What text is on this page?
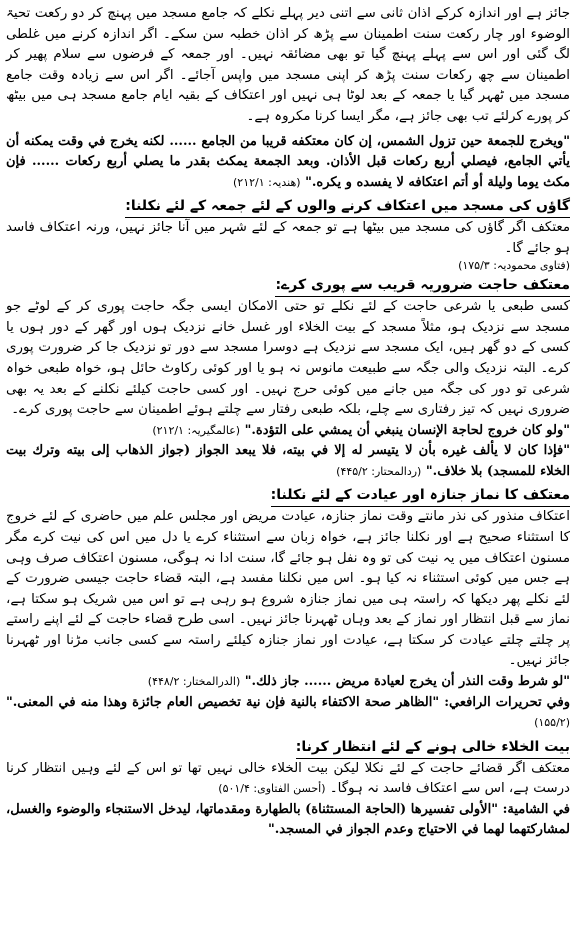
جائز ہے اور اندازہ کرکے اذان ثانی سے اتنی دیر پہلے نکلے کہ جامع مسجد میں پہنچ کر دو رکعت تحیۃ الوضوء اور چار رکعت سنت اطمینان سے پڑھ کر اذان خطبہ سن سکے۔ اگر اندازہ کرنے میں غلطی لگ گئی اور اس سے پہلے پہنچ گیا تو بھی مضائقہ نہیں۔ اور جمعہ کے فرضوں سے سلام پھیر کر اطمینان سے چھ رکعات سنت پڑھ کر اپنی مسجد میں واپس آجائے۔ اگر اس سے زیادہ وقت جامع مسجد میں ٹھہر گیا یا جمعہ کے بعد لوٹا ہی نہیں اور اعتکاف کے بقیہ ایام جامع مسجد ہی میں بیٹھ کر پورے کرلئے تب بھی جائز ہے، مگر ایسا کرنا مکروہ ہے۔

"ويخرج للجمعة حين تزول الشمس، إن كان معتكفه قريبا من الجامع ...... لكنه يخرج في وقت يمكنه أن يأتي الجامع، فيصلي أربع ركعات قبل الأذان. وبعد الجمعة يمكث بقدر ما يصلي أربع ركعات ...... فإن مكث يوما وليلة أو أتم اعتكافه لا يفسده و يكره." (هندیہ: ۲۱۲/۱)

گاؤں کی مسجد میں اعتکاف کرنے والوں کے لئے جمعہ کے لئے نکلنا:

معتکف اگر گاؤں کی مسجد میں بیٹھا ہے تو جمعہ کے لئے شہر میں آنا جائز نہیں، ورنہ اعتکاف فاسد ہو جائے گا۔

(فتاوی محمودیہ: ۱۷۵/۳)
معتکف حاجت ضروریہ قریب سے پوری کرے:

کسی طبعی یا شرعی حاجت کے لئے نکلے تو حتی الامکان ایسی جگہ حاجت پوری کر کے لوٹے جو مسجد سے نزدیک ہو، مثلاً مسجد کے بیت الخلاء اور غسل خانے نزدیک ہوں اور گھر کے دور ہوں یا کسی کے دو گھر ہیں، ایک مسجد سے نزدیک ہے دوسرا مسجد سے دور تو نزدیک جا کر ضرورت پوری کرے۔ البتہ نزدیک والی جگہ سے طبیعت مانوس نہ ہو یا اور کوئی رکاوٹ حائل ہو، خواہ طبعی خواہ شرعی تو دور کی جگہ میں جانے میں کوئی حرج نہیں۔ اور کسی حاجت کیلئے نکلنے کے بعد یہ بھی ضروری نہیں کہ تیز رفتاری سے چلے، بلکہ طبعی رفتار سے چلتے ہوئے اطمینان سے حاجت پوری کرے۔

"ولو كان خروج لحاجة الإنسان ينبغي أن يمشي على التؤدة." (عالمگیریہ: ۲۱۲/۱)

"فإذا كان لا يألف غيره بأن لا يتيسر له إلا في بيته، فلا يبعد الجواز (جواز الذهاب إلى بيته وترك بيت الخلاء للمسجد) بلا خلاف." (ردالمحتار: ۴۴۵/۲)

معتکف کا نماز جنازہ اور عیادت کے لئے نکلنا:

اعتکاف منذور کی نذر مانتے وقت نماز جنازہ، عیادت مریض اور مجلس علم میں حاضری کے لئے خروج کا استثناء صحیح ہے اور نکلنا جائز ہے، خواہ زبان سے استثناء کرے یا دل میں اس کی نیت کرے مگر مسنون اعتکاف میں یہ نیت کی تو وہ نفل ہو جائے گا، سنت ادا نہ ہوگی، مسنون اعتکاف صرف وہی ہے جس میں کوئی استثناء نہ کیا ہو۔ اس میں نکلنا مفسد ہے، البتہ قضاء حاجت جیسی ضرورت کے لئے نکلے پھر دیکھا کہ راستہ ہی میں نماز جنازہ شروع ہو رہی ہے تو اس میں شریک ہو سکتا ہے، نماز سے قبل انتظار اور نماز کے بعد وہاں ٹھہرنا جائز نہیں۔ اسی طرح قضاء حاجت کے لئے اپنے راستے پر چلتے چلتے عیادت کر سکتا ہے، عیادت اور نماز جنازہ کیلئے راستہ سے کسی جانب مڑنا اور ٹھہرنا جائز نہیں۔

"لو شرط وقت النذر أن يخرج لعيادة مريض ...... جاز ذلك." (الدرالمختار: ۴۴۸/۲)

وفي تحريرات الرافعي: "الظاهر صحة الاكتفاء بالنية فإن نية تخصيص العام جائزة وهذا منه في المعنى." (۱۵۵/۲)

بیت الخلاء خالی ہونے کے لئے انتظار کرنا:

معتکف اگر قضائے حاجت کے لئے نکلا لیکن بیت الخلاء خالی نہیں تھا تو اس کے لئے وہیں انتظار کرنا درست ہے، اس سے اعتکاف فاسد نہ ہوگا۔ (أحسن الفتاوی: ۵۰۱/۴)

في الشامية: "الأولى تفسيرها (الحاجة المستثناة) بالطهارة ومقدماتها، ليدخل الاستنجاء والوضوء والغسل، لمشاركتهما لهما في الاحتياج وعدم الجواز في المسجد."
